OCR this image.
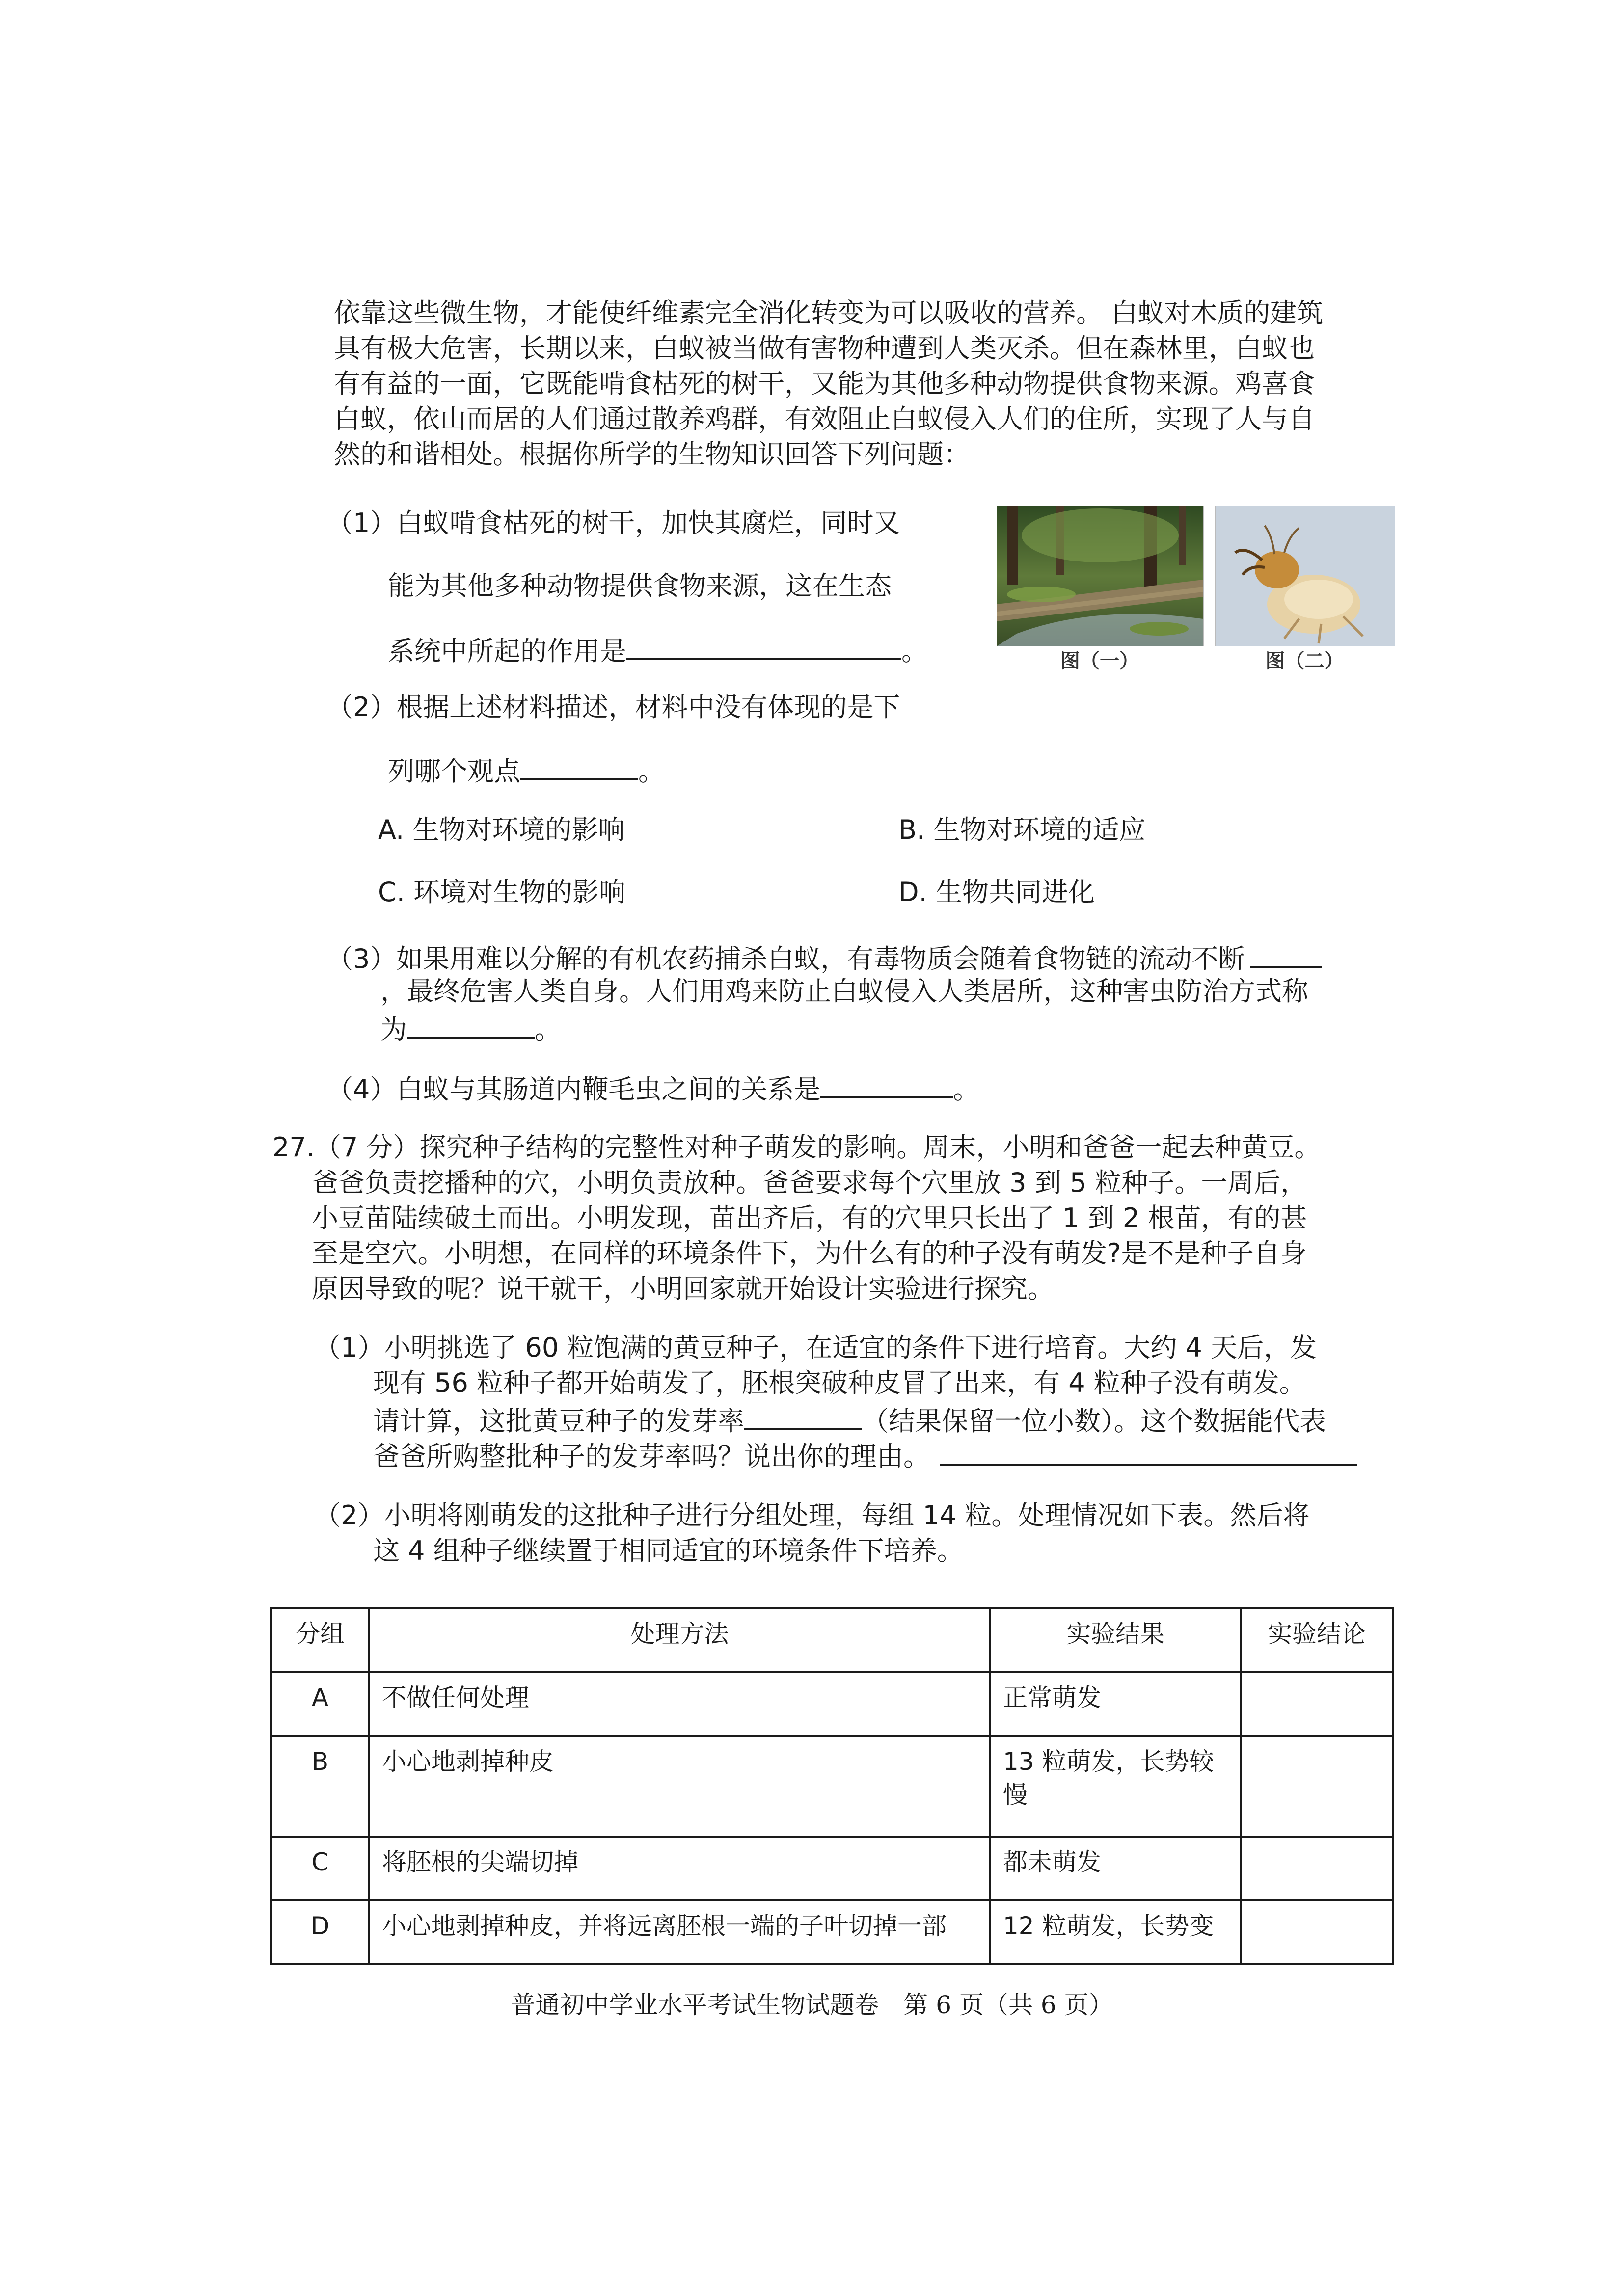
依靠这些微生物，才能使纤维素完全消化转变为可以吸收的营养。 白蚁对木质的建筑
具有极大危害，长期以来，白蚁被当做有害物种遭到人类灭杀。但在森林里，白蚁也
有有益的一面，它既能啃食枯死的树干，又能为其他多种动物提供食物来源。鸡喜食
白蚁，依山而居的人们通过散养鸡群，有效阻止白蚁侵入人们的住所，实现了人与自
然的和谐相处。根据你所学的生物知识回答下列问题：
图（一）	图（二）
（1）白蚁啃食枯死的树干，加快其腐烂，同时又
能为其他多种动物提供食物来源，这在生态
系统中所起的作用是	。
（2）根据上述材料描述，材料中没有体现的是下
列哪个观点	。
A. 生物对环境的影响	B. 生物对环境的适应
C. 环境对生物的影响	D. 生物共同进化
（3）如果用难以分解的有机农药捕杀白蚁，有毒物质会随着食物链的流动不断
，最终危害人类自身。人们用鸡来防止白蚁侵入人类居所，这种害虫防治方式称
为	。
（4）白蚁与其肠道内鞭毛虫之间的关系是	。
27.（7 分）探究种子结构的完整性对种子萌发的影响。周末，小明和爸爸一起去种黄豆。
爸爸负责挖播种的穴，小明负责放种。爸爸要求每个穴里放 3 到 5 粒种子。一周后，
小豆苗陆续破土而出。小明发现，苗出齐后，有的穴里只长出了 1 到 2 根苗，有的甚
至是空穴。小明想，在同样的环境条件下，为什么有的种子没有萌发?是不是种子自身
原因导致的呢？说干就干，小明回家就开始设计实验进行探究。
（1）小明挑选了 60 粒饱满的黄豆种子，在适宜的条件下进行培育。大约 4 天后，发
现有 56 粒种子都开始萌发了，胚根突破种皮冒了出来，有 4 粒种子没有萌发。
请计算，这批黄豆种子的发芽率	（结果保留一位小数）。这个数据能代表
爸爸所购整批种子的发芽率吗？说出你的理由。
（2）小明将刚萌发的这批种子进行分组处理，每组 14 粒。处理情况如下表。然后将
这 4 组种子继续置于相同适宜的环境条件下培养。
分组	处理方法	实验结果	实验结论
A	不做任何处理	正常萌发	
B	小心地剥掉种皮	13 粒萌发，长势较慢	
C	将胚根的尖端切掉	都未萌发	
D	小心地剥掉种皮，并将远离胚根一端的子叶切掉一部	12 粒萌发，长势变	
普通初中学业水平考试生物试题卷　第 6 页（共 6 页）
